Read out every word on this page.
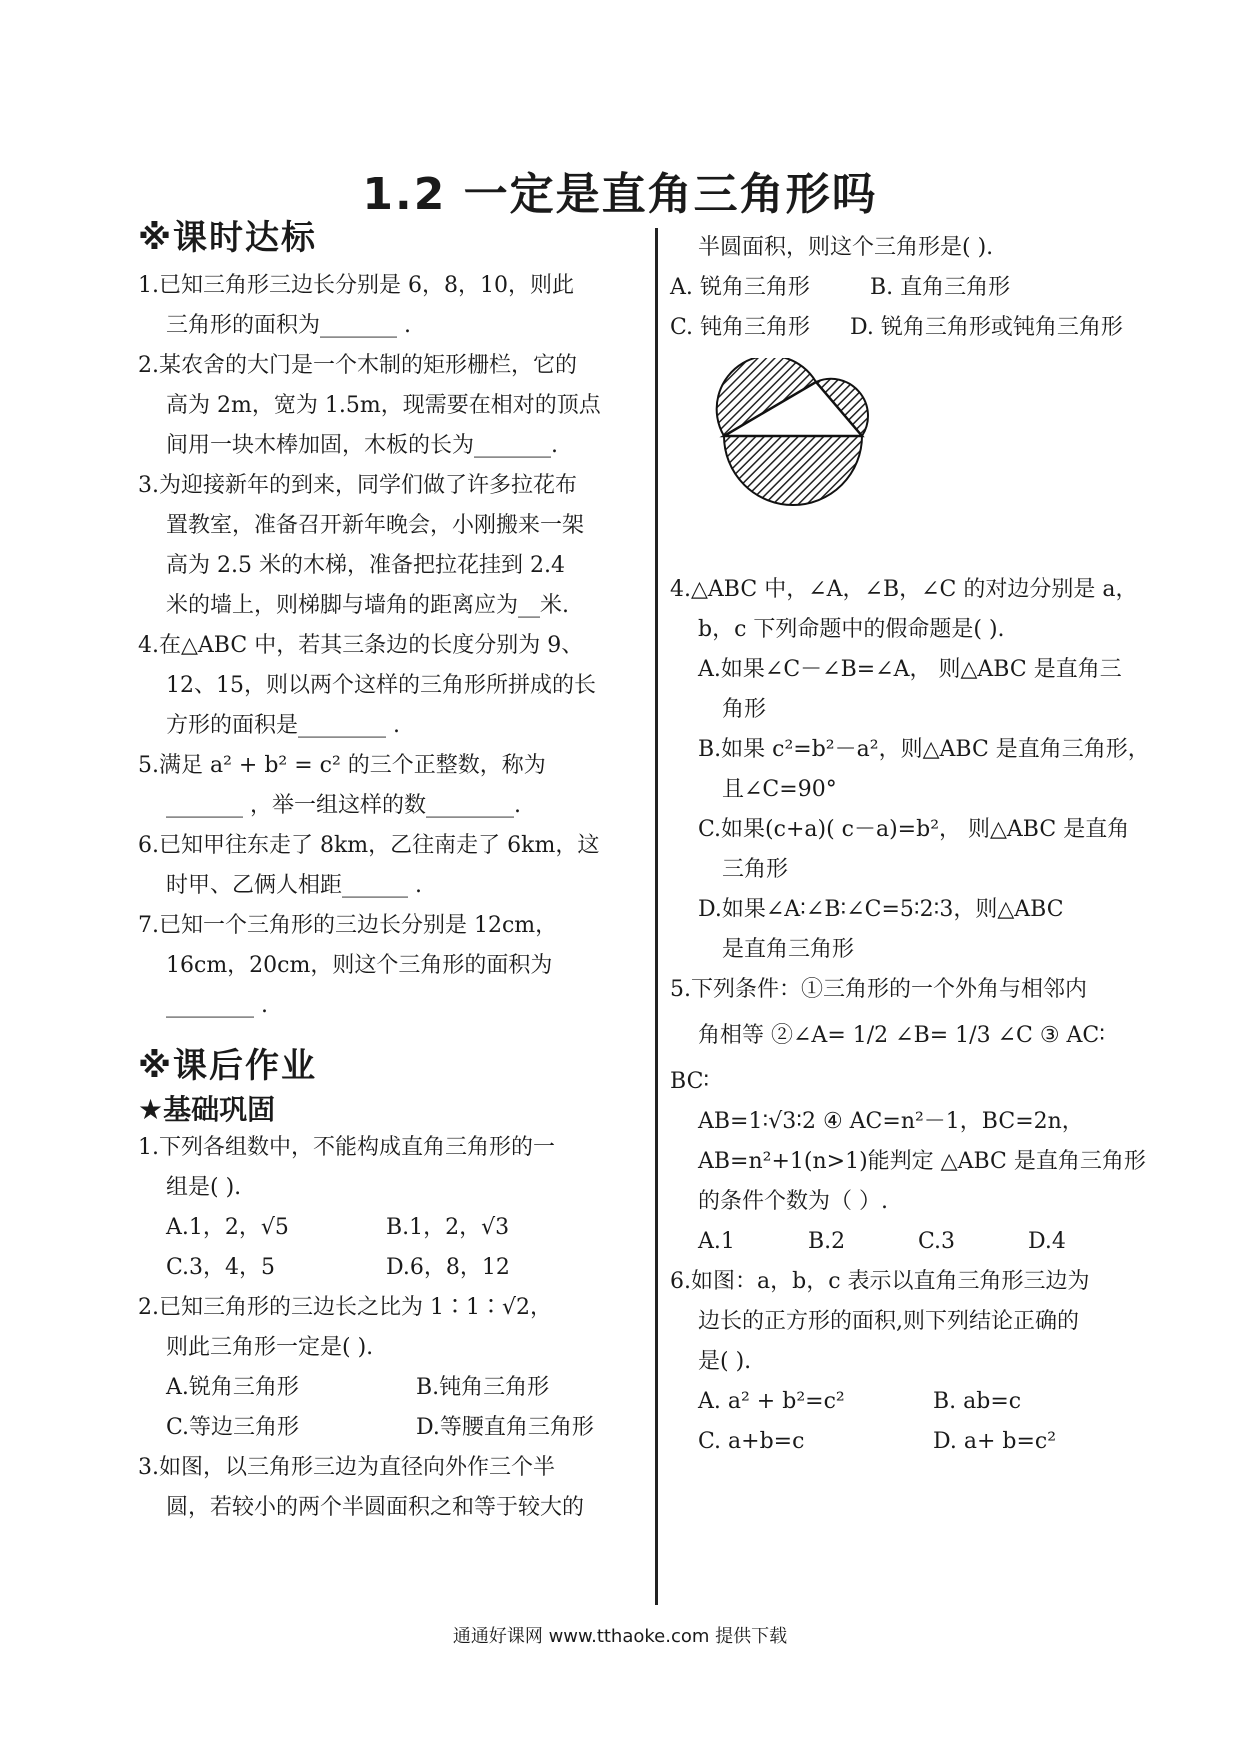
1.2 一定是直角三角形吗
※课时达标
1.已知三角形三边长分别是 6，8，10，则此
三角形的面积为_______ .
2.某农舍的大门是一个木制的矩形栅栏，它的
高为 2m，宽为 1.5m，现需要在相对的顶点
间用一块木棒加固，木板的长为_______.
3.为迎接新年的到来，同学们做了许多拉花布
置教室，准备召开新年晚会，小刚搬来一架
高为 2.5 米的木梯，准备把拉花挂到 2.4
米的墙上，则梯脚与墙角的距离应为__米.
4.在△ABC 中，若其三条边的长度分别为 9、
12、15，则以两个这样的三角形所拼成的长
方形的面积是________ .
5.满足 a² + b² = c² 的三个正整数，称为
_______ ，举一组这样的数________.
6.已知甲往东走了 8km，乙往南走了 6km，这
时甲、乙俩人相距______ .
7.已知一个三角形的三边长分别是 12cm，
16cm，20cm，则这个三角形的面积为
________ .
※课后作业
★基础巩固
1.下列各组数中，不能构成直角三角形的一
组是( ).
A.1，2，√5	B.1，2，√3
C.3，4，5	D.6，8，12
2.已知三角形的三边长之比为 1∶1∶√2，
则此三角形一定是( ).
A.锐角三角形	B.钝角三角形
C.等边三角形	D.等腰直角三角形
3.如图，以三角形三边为直径向外作三个半
圆，若较小的两个半圆面积之和等于较大的
半圆面积，则这个三角形是( ).
A. 锐角三角形	B. 直角三角形
C. 钝角三角形	D. 锐角三角形或钝角三角形
4.△ABC 中，∠A，∠B，∠C 的对边分别是 a，
b，c 下列命题中的假命题是( ).
A.如果∠C－∠B=∠A， 则△ABC 是直角三
角形
B.如果 c²=b²－a²，则△ABC 是直角三角形，
且∠C=90°
C.如果(c+a)( c－a)=b²， 则△ABC 是直角
三角形
D.如果∠A∶∠B∶∠C=5∶2∶3，则△ABC
是直角三角形
5.下列条件：①三角形的一个外角与相邻内
角相等 ②∠A= 1/2 ∠B= 1/3 ∠C ③ AC∶
BC∶
AB=1∶√3∶2 ④ AC=n²－1，BC=2n，
AB=n²+1(n>1)能判定 △ABC 是直角三角形
的条件个数为（ ）.
A.1	B.2	C.3	D.4
6.如图：a，b，c 表示以直角三角形三边为
边长的正方形的面积,则下列结论正确的
是( ).
A. a² + b²=c²	B. ab=c
C. a+b=c	D. a+ b=c²
通通好课网 www.tthaoke.com 提供下载
